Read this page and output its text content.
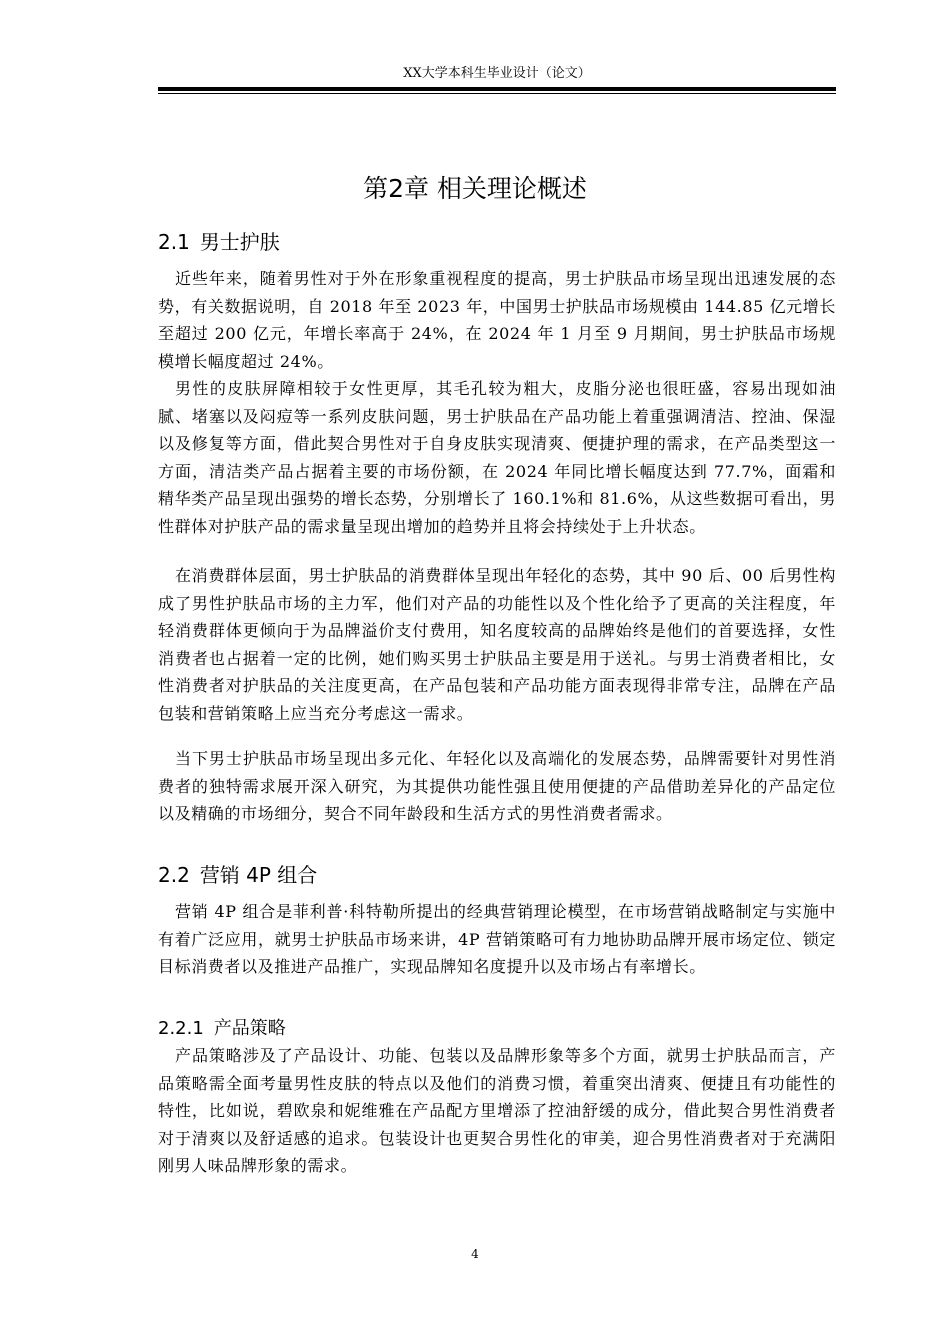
XX大学本科生毕业设计（论文）
第2章 相关理论概述
2.1 男士护肤

近些年来，随着男性对于外在形象重视程度的提高，男士护肤品市场呈现出迅速发展的态势，有关数据说明，自 2018 年至 2023 年，中国男士护肤品市场规模由 144.85 亿元增长至超过 200 亿元，年增长率高于 24%，在 2024 年 1 月至 9 月期间，男士护肤品市场规模增长幅度超过 24%。

男性的皮肤屏障相较于女性更厚，其毛孔较为粗大，皮脂分泌也很旺盛，容易出现如油腻、堵塞以及闷痘等一系列皮肤问题，男士护肤品在产品功能上着重强调清洁、控油、保湿以及修复等方面，借此契合男性对于自身皮肤实现清爽、便捷护理的需求，在产品类型这一方面，清洁类产品占据着主要的市场份额，在 2024 年同比增长幅度达到 77.7%，面霜和精华类产品呈现出强势的增长态势，分别增长了 160.1%和 81.6%，从这些数据可看出，男性群体对护肤产品的需求量呈现出增加的趋势并且将会持续处于上升状态。

在消费群体层面，男士护肤品的消费群体呈现出年轻化的态势，其中 90 后、00 后男性构成了男性护肤品市场的主力军，他们对产品的功能性以及个性化给予了更高的关注程度，年轻消费群体更倾向于为品牌溢价支付费用，知名度较高的品牌始终是他们的首要选择，女性消费者也占据着一定的比例，她们购买男士护肤品主要是用于送礼。与男士消费者相比，女性消费者对护肤品的关注度更高，在产品包装和产品功能方面表现得非常专注，品牌在产品包装和营销策略上应当充分考虑这一需求。

当下男士护肤品市场呈现出多元化、年轻化以及高端化的发展态势，品牌需要针对男性消费者的独特需求展开深入研究，为其提供功能性强且使用便捷的产品借助差异化的产品定位以及精确的市场细分，契合不同年龄段和生活方式的男性消费者需求。

2.2 营销 4P 组合

营销 4P 组合是菲利普·科特勒所提出的经典营销理论模型，在市场营销战略制定与实施中有着广泛应用，就男士护肤品市场来讲，4P 营销策略可有力地协助品牌开展市场定位、锁定目标消费者以及推进产品推广，实现品牌知名度提升以及市场占有率增长。

2.2.1 产品策略

产品策略涉及了产品设计、功能、包装以及品牌形象等多个方面，就男士护肤品而言，产品策略需全面考量男性皮肤的特点以及他们的消费习惯，着重突出清爽、便捷且有功能性的特性，比如说，碧欧泉和妮维雅在产品配方里增添了控油舒缓的成分，借此契合男性消费者对于清爽以及舒适感的追求。包装设计也更契合男性化的审美，迎合男性消费者对于充满阳刚男人味品牌形象的需求。

4
